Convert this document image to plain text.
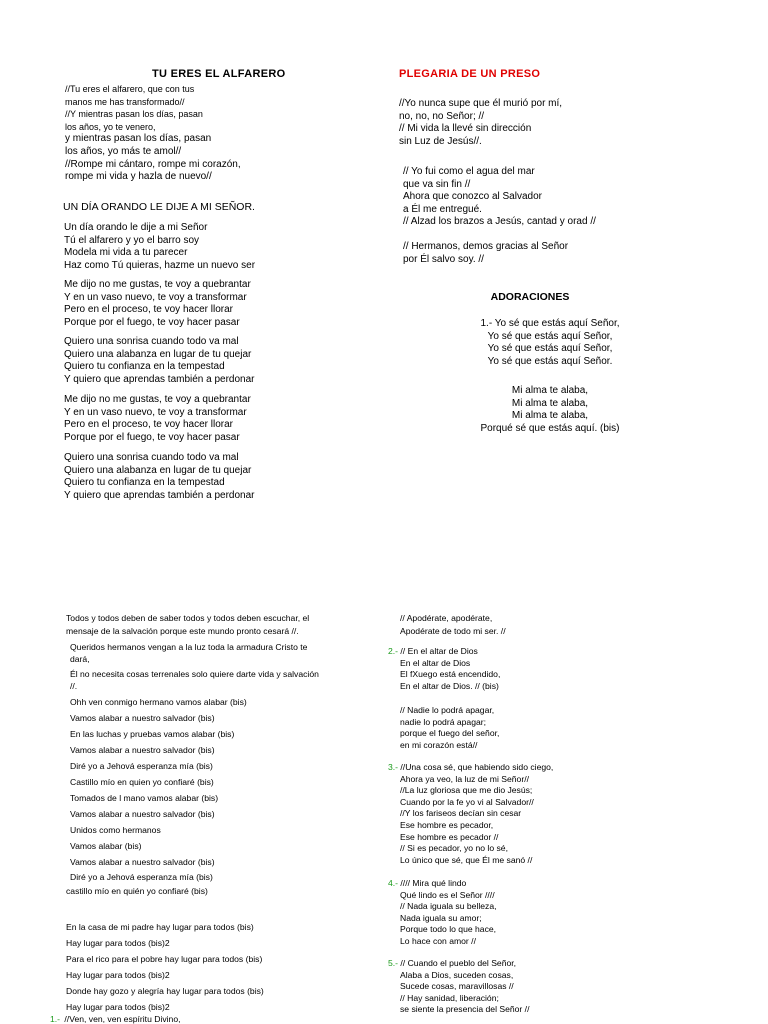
TU ERES EL ALFARERO
//Tu eres el alfarero, que con tus
manos me has transformado//
//Y mientras pasan los días, pasan
los años, yo te venero,
y mientras pasan los días, pasan
los años, yo más te amol//
//Rompe mi cántaro, rompe mi corazón,
rompe mi vida y hazla de nuevo//
UN DÍA ORANDO LE DIJE A MI SEÑOR.
Un día orando le dije a mi Señor
Tú el alfarero y yo el barro soy
Modela mi vida a tu parecer
Haz como Tú quieras, hazme un nuevo ser
Me dijo no me gustas, te voy a quebrantar
Y en un vaso nuevo, te voy a transformar
Pero en el proceso, te voy hacer llorar
Porque por el fuego, te voy hacer pasar
Quiero una sonrisa cuando todo va mal
Quiero una alabanza en lugar de tu quejar
Quiero tu confianza en la tempestad
Y quiero que aprendas también a perdonar
Me dijo no me gustas, te voy a quebrantar
Y en un vaso nuevo, te voy a transformar
Pero en el proceso, te voy hacer llorar
Porque por el fuego, te voy hacer pasar
Quiero una sonrisa cuando todo va mal
Quiero una alabanza en lugar de tu quejar
Quiero tu confianza en la tempestad
Y quiero que aprendas también a perdonar
PLEGARIA DE UN PRESO
//Yo nunca supe que él murió por mí,
no, no, no Señor; //
// Mi vida la llevé sin dirección
sin Luz de Jesús//.
// Yo fui como el agua del mar
que va sin fin //
Ahora que conozco al Salvador
a Él me entregué.
// Alzad los brazos a Jesús, cantad y orad //
// Hermanos, demos gracias al Señor
por Él salvo soy. //
ADORACIONES
1.- Yo sé que estás aquí Señor,
Yo sé que estás aquí Señor,
Yo sé que estás aquí Señor,
Yo sé que estás aquí Señor.
Mi alma te alaba,
Mi alma te alaba,
Mi alma te alaba,
Porqué sé que estás aquí. (bis)
Todos y todos deben de saber todos y todos deben escuchar, el
mensaje de la salvación porque este mundo pronto cesará //.
Queridos hermanos vengan a la luz toda la armadura Cristo te
dará,
Él no necesita cosas terrenales solo quiere darte vida y salvación
//.
Ohh ven conmigo hermano vamos alabar (bis)
Vamos alabar a nuestro salvador (bis)
En las luchas y pruebas vamos alabar (bis)
Vamos alabar a nuestro salvador (bis)
Diré yo a Jehová esperanza mía (bis)
Castillo mío en quien yo confiaré (bis)
Tomados de l mano vamos alabar (bis)
Vamos alabar a nuestro salvador (bis)
Unidos como hermanos
Vamos alabar (bis)
Vamos alabar a nuestro salvador (bis)
Diré yo a Jehová esperanza mía (bis)
castillo mío en quién yo confiaré (bis)
En la casa de mi padre hay lugar para todos (bis)
Hay lugar para todos (bis)2
Para el rico para el pobre hay lugar para todos (bis)
Hay lugar para todos (bis)2
Donde hay gozo y alegría hay lugar para todos (bis)
Hay lugar para todos (bis)2
1.- //Ven, ven, ven espíritu Divino,
// Apodérate, apodérate,
Apodérate de todo mi ser. //
2.- // En el altar de Dios
En el altar de Dios
El fXuego está encendido,
En el altar de Dios. // (bis)
// Nadie lo podrá apagar,
nadie lo podrá apagar;
porque el fuego del señor,
en mi corazón está//
3.- //Una cosa sé, que habiendo sido ciego,
Ahora ya veo, la luz de mi Señor//
//La luz gloriosa que me dio Jesús;
Cuando por la fe yo vi al Salvador//
//Y los fariseos decían sin cesar
Ese hombre es pecador,
Ese hombre es pecador //
// Si es pecador, yo no lo sé,
Lo único que sé, que Él me sanó //
4.- //// Mira qué lindo
Qué lindo es el Señor ////
// Nada iguala su belleza,
Nada iguala su amor;
Porque todo lo que hace,
Lo hace con amor //
5.- // Cuando el pueblo del Señor,
Alaba a Dios, suceden cosas,
Sucede cosas, maravillosas //
// Hay sanidad, liberación;
se siente la presencia del Señor //
